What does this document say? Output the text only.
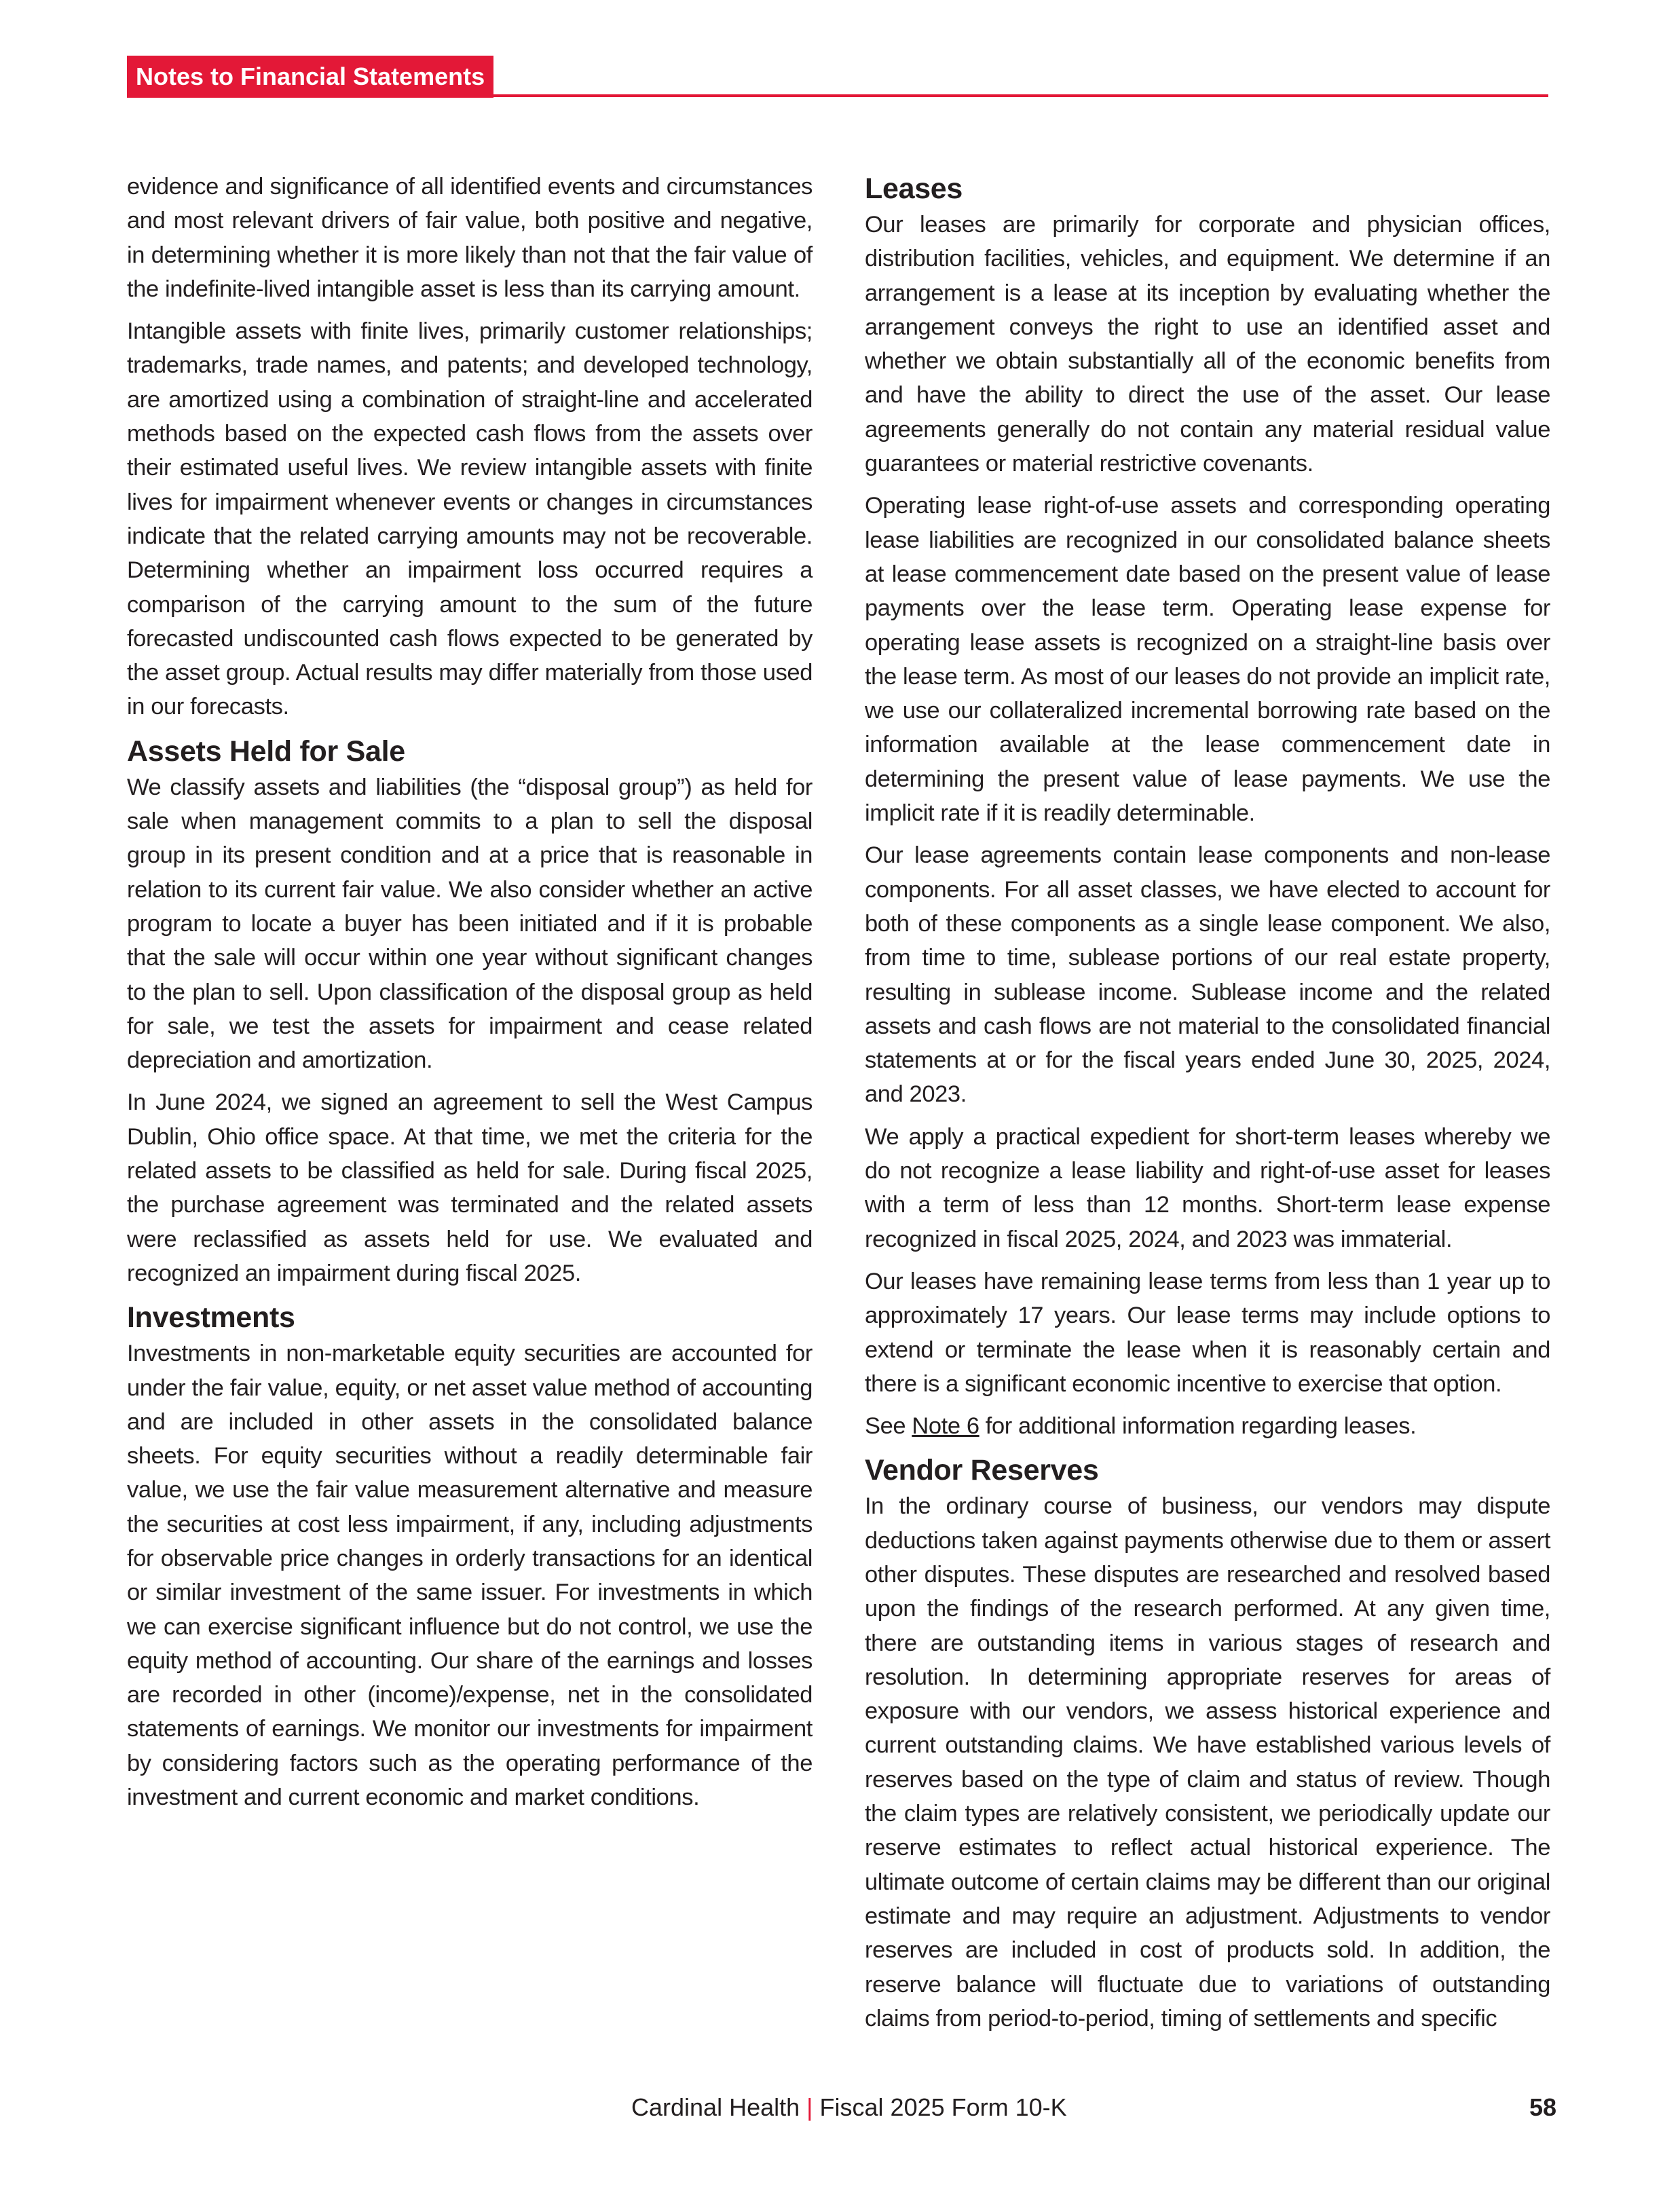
Notes to Financial Statements

evidence and significance of all identified events and circumstances and most relevant drivers of fair value, both positive and negative, in determining whether it is more likely than not that the fair value of the indefinite-lived intangible asset is less than its carrying amount.

Intangible assets with finite lives, primarily customer relationships; trademarks, trade names, and patents; and developed technology, are amortized using a combination of straight-line and accelerated methods based on the expected cash flows from the assets over their estimated useful lives. We review intangible assets with finite lives for impairment whenever events or changes in circumstances indicate that the related carrying amounts may not be recoverable. Determining whether an impairment loss occurred requires a comparison of the carrying amount to the sum of the future forecasted undiscounted cash flows expected to be generated by the asset group. Actual results may differ materially from those used in our forecasts.

Assets Held for Sale

We classify assets and liabilities (the “disposal group”) as held for sale when management commits to a plan to sell the disposal group in its present condition and at a price that is reasonable in relation to its current fair value. We also consider whether an active program to locate a buyer has been initiated and if it is probable that the sale will occur within one year without significant changes to the plan to sell. Upon classification of the disposal group as held for sale, we test the assets for impairment and cease related depreciation and amortization.

In June 2024, we signed an agreement to sell the West Campus Dublin, Ohio office space. At that time, we met the criteria for the related assets to be classified as held for sale. During fiscal 2025, the purchase agreement was terminated and the related assets were reclassified as assets held for use. We evaluated and recognized an impairment during fiscal 2025.

Investments

Investments in non-marketable equity securities are accounted for under the fair value, equity, or net asset value method of accounting and are included in other assets in the consolidated balance sheets. For equity securities without a readily determinable fair value, we use the fair value measurement alternative and measure the securities at cost less impairment, if any, including adjustments for observable price changes in orderly transactions for an identical or similar investment of the same issuer. For investments in which we can exercise significant influence but do not control, we use the equity method of accounting. Our share of the earnings and losses are recorded in other (income)/expense, net in the consolidated statements of earnings. We monitor our investments for impairment by considering factors such as the operating performance of the investment and current economic and market conditions.

Leases

Our leases are primarily for corporate and physician offices, distribution facilities, vehicles, and equipment. We determine if an arrangement is a lease at its inception by evaluating whether the arrangement conveys the right to use an identified asset and whether we obtain substantially all of the economic benefits from and have the ability to direct the use of the asset. Our lease agreements generally do not contain any material residual value guarantees or material restrictive covenants.

Operating lease right-of-use assets and corresponding operating lease liabilities are recognized in our consolidated balance sheets at lease commencement date based on the present value of lease payments over the lease term. Operating lease expense for operating lease assets is recognized on a straight-line basis over the lease term. As most of our leases do not provide an implicit rate, we use our collateralized incremental borrowing rate based on the information available at the lease commencement date in determining the present value of lease payments. We use the implicit rate if it is readily determinable.

Our lease agreements contain lease components and non-lease components. For all asset classes, we have elected to account for both of these components as a single lease component. We also, from time to time, sublease portions of our real estate property, resulting in sublease income. Sublease income and the related assets and cash flows are not material to the consolidated financial statements at or for the fiscal years ended June 30, 2025, 2024, and 2023.

We apply a practical expedient for short-term leases whereby we do not recognize a lease liability and right-of-use asset for leases with a term of less than 12 months. Short-term lease expense recognized in fiscal 2025, 2024, and 2023 was immaterial.

Our leases have remaining lease terms from less than 1 year up to approximately 17 years. Our lease terms may include options to extend or terminate the lease when it is reasonably certain and there is a significant economic incentive to exercise that option.

See Note 6 for additional information regarding leases.

Vendor Reserves

In the ordinary course of business, our vendors may dispute deductions taken against payments otherwise due to them or assert other disputes. These disputes are researched and resolved based upon the findings of the research performed. At any given time, there are outstanding items in various stages of research and resolution. In determining appropriate reserves for areas of exposure with our vendors, we assess historical experience and current outstanding claims. We have established various levels of reserves based on the type of claim and status of review. Though the claim types are relatively consistent, we periodically update our reserve estimates to reflect actual historical experience. The ultimate outcome of certain claims may be different than our original estimate and may require an adjustment. Adjustments to vendor reserves are included in cost of products sold. In addition, the reserve balance will fluctuate due to variations of outstanding claims from period-to-period, timing of settlements and specific

Cardinal Health | Fiscal 2025 Form 10-K	58
